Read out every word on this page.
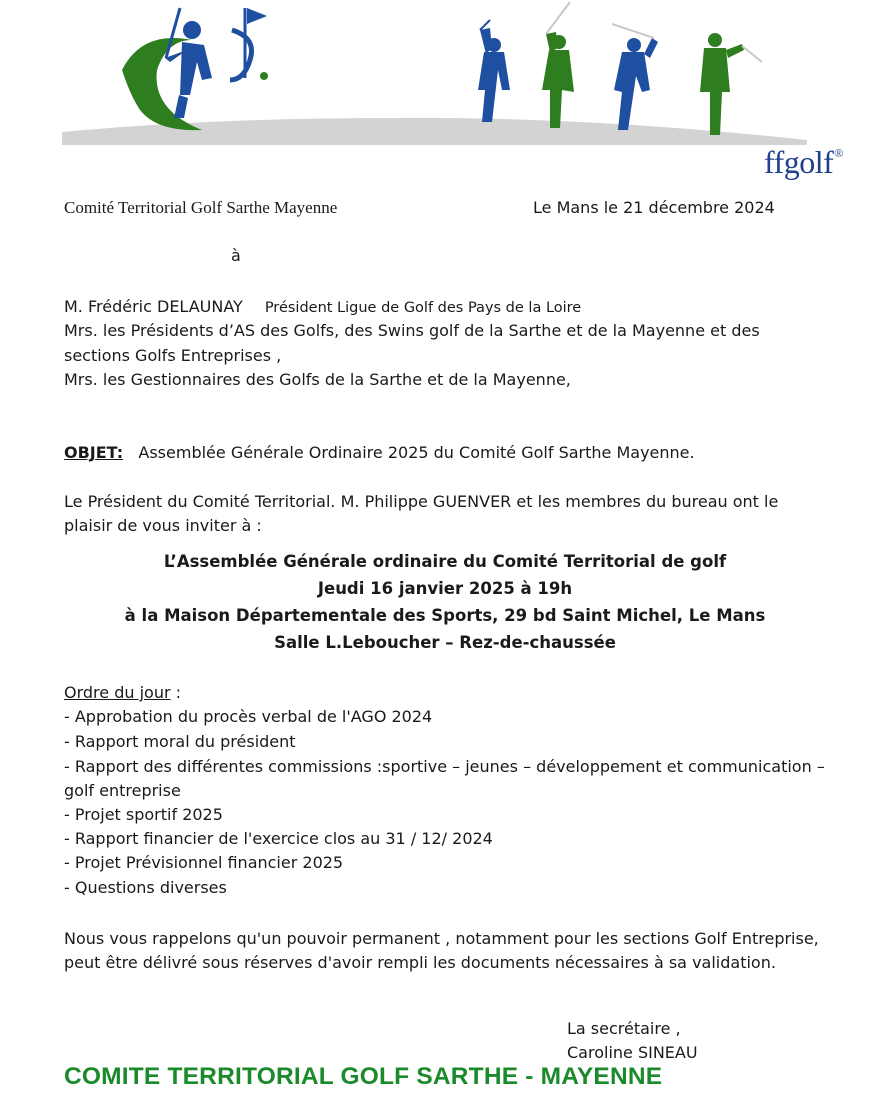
ffgolf®
Comité Territorial Golf Sarthe Mayenne	Le Mans le 21 décembre 2024
à
M. Frédéric DELAUNAY Président Ligue de Golf des Pays de la Loire
Mrs. les Présidents d’AS des Golfs, des Swins golf de la Sarthe et de la Mayenne et des
sections Golfs Entreprises ,
Mrs. les Gestionnaires des Golfs de la Sarthe et de la Mayenne,
OBJET: Assemblée Générale Ordinaire 2025 du Comité Golf Sarthe Mayenne.
Le Président du Comité Territorial. M. Philippe GUENVER et les membres du bureau ont le
plaisir de vous inviter à :
L’Assemblée Générale ordinaire du Comité Territorial de golf
Jeudi 16 janvier 2025 à 19h
à la Maison Départementale des Sports, 29 bd Saint Michel, Le Mans
Salle L.Leboucher – Rez-de-chaussée
Ordre du jour :
- Approbation du procès verbal de l'AGO 2024
- Rapport moral du président
- Rapport des différentes commissions :sportive – jeunes – développement et communication –
golf entreprise
- Projet sportif 2025
- Rapport financier de l'exercice clos au 31 / 12/ 2024
- Projet Prévisionnel financier 2025
- Questions diverses
Nous vous rappelons qu'un pouvoir permanent , notamment pour les sections Golf Entreprise,
peut être délivré sous réserves d'avoir rempli les documents nécessaires à sa validation.
La secrétaire ,
Caroline SINEAU
COMITE TERRITORIAL GOLF SARTHE - MAYENNE
